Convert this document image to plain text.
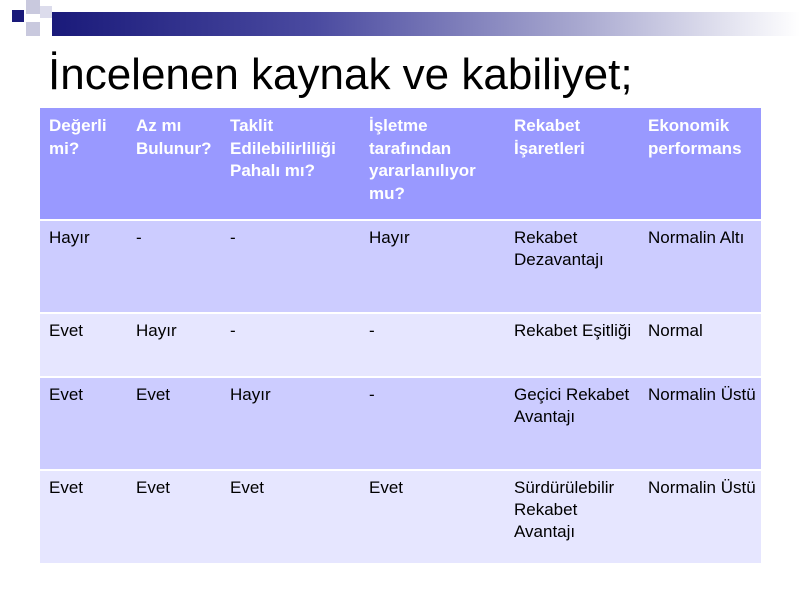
İncelenen kaynak ve kabiliyet;
Değerli mi?	Az mı Bulunur?	Taklit Edilebilirliliği Pahalı mı?	İşletme tarafından yararlanılıyor mu?	Rekabet İşaretleri	Ekonomik performans
Hayır	-	-	Hayır	Rekabet Dezavantajı	Normalin Altı
Evet	Hayır	-	-	Rekabet Eşitliği	Normal
Evet	Evet	Hayır	-	Geçici Rekabet Avantajı	Normalin Üstü
Evet	Evet	Evet	Evet	Sürdürülebilir Rekabet Avantajı	Normalin Üstü
